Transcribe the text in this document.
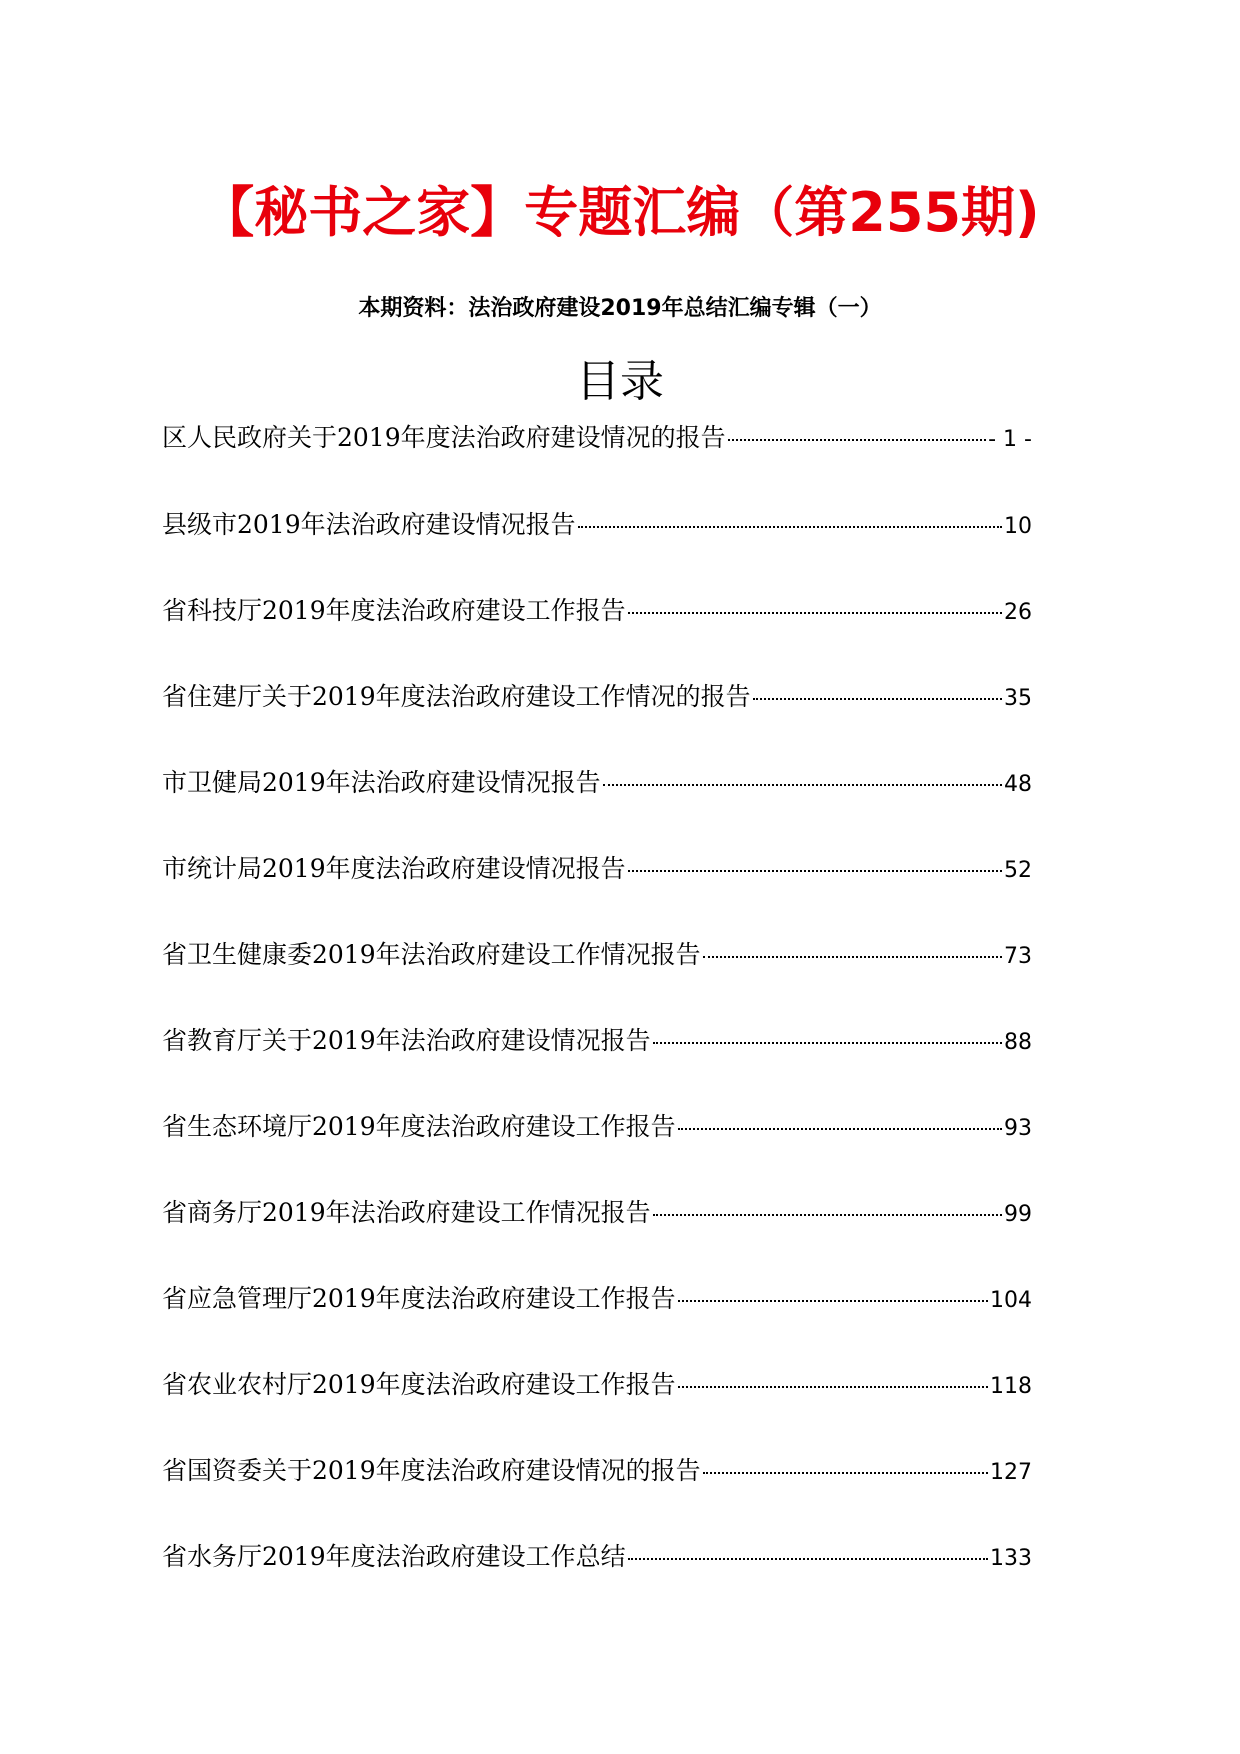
【秘书之家】专题汇编（第255期)
本期资料：法治政府建设2019年总结汇编专辑（一）
目录
区人民政府关于2019年度法治政府建设情况的报告	- 1 -
县级市2019年法治政府建设情况报告	10
省科技厅2019年度法治政府建设工作报告	26
省住建厅关于2019年度法治政府建设工作情况的报告	35
市卫健局2019年法治政府建设情况报告	48
市统计局2019年度法治政府建设情况报告	52
省卫生健康委2019年法治政府建设工作情况报告	73
省教育厅关于2019年法治政府建设情况报告	88
省生态环境厅2019年度法治政府建设工作报告	93
省商务厅2019年法治政府建设工作情况报告	99
省应急管理厅2019年度法治政府建设工作报告	104
省农业农村厅2019年度法治政府建设工作报告	118
省国资委关于2019年度法治政府建设情况的报告	127
省水务厅2019年度法治政府建设工作总结	133
